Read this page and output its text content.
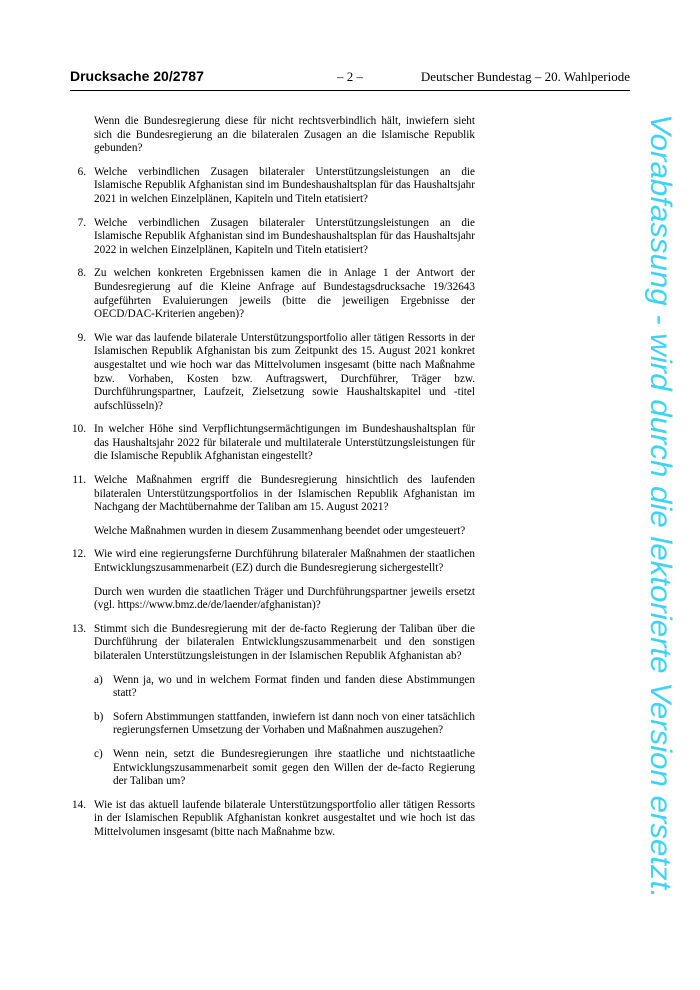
Drucksache 20/2787	– 2 –	Deutscher Bundestag – 20. Wahlperiode

Wenn die Bundesregierung diese für nicht rechtsverbindlich hält, inwiefern sieht sich die Bundesregierung an die bilateralen Zusagen an die Islamische Republik gebunden?

6. Welche verbindlichen Zusagen bilateraler Unterstützungsleistungen an die Islamische Republik Afghanistan sind im Bundeshaushaltsplan für das Haushaltsjahr 2021 in welchen Einzelplänen, Kapiteln und Titeln etatisiert?
7. Welche verbindlichen Zusagen bilateraler Unterstützungsleistungen an die Islamische Republik Afghanistan sind im Bundeshaushaltsplan für das Haushaltsjahr 2022 in welchen Einzelplänen, Kapiteln und Titeln etatisiert?
8. Zu welchen konkreten Ergebnissen kamen die in Anlage 1 der Antwort der Bundesregierung auf die Kleine Anfrage auf Bundestagsdrucksache 19/32643 aufgeführten Evaluierungen jeweils (bitte die jeweiligen Ergebnisse der OECD/DAC-Kriterien angeben)?
9. Wie war das laufende bilaterale Unterstützungsportfolio aller tätigen Ressorts in der Islamischen Republik Afghanistan bis zum Zeitpunkt des 15. August 2021 konkret ausgestaltet und wie hoch war das Mittelvolumen insgesamt (bitte nach Maßnahme bzw. Vorhaben, Kosten bzw. Auftragswert, Durchführer, Träger bzw. Durchführungspartner, Laufzeit, Zielsetzung sowie Haushaltskapitel und -titel aufschlüsseln)?
10. In welcher Höhe sind Verpflichtungsermächtigungen im Bundeshaushaltsplan für das Haushaltsjahr 2022 für bilaterale und multilaterale Unterstützungsleistungen für die Islamische Republik Afghanistan eingestellt?
11. Welche Maßnahmen ergriff die Bundesregierung hinsichtlich des laufenden bilateralen Unterstützungsportfolios in der Islamischen Republik Afghanistan im Nachgang der Machtübernahme der Taliban am 15. August 2021?
Welche Maßnahmen wurden in diesem Zusammenhang beendet oder umgesteuert?
12. Wie wird eine regierungsferne Durchführung bilateraler Maßnahmen der staatlichen Entwicklungszusammenarbeit (EZ) durch die Bundesregierung sichergestellt?
Durch wen wurden die staatlichen Träger und Durchführungspartner jeweils ersetzt (vgl. https://www.bmz.de/de/laender/afghanistan)?
13. Stimmt sich die Bundesregierung mit der de-facto Regierung der Taliban über die Durchführung der bilateralen Entwicklungszusammenarbeit und den sonstigen bilateralen Unterstützungsleistungen in der Islamischen Republik Afghanistan ab?
a) Wenn ja, wo und in welchem Format finden und fanden diese Abstimmungen statt?
b) Sofern Abstimmungen stattfanden, inwiefern ist dann noch von einer tatsächlich regierungsfernen Umsetzung der Vorhaben und Maßnahmen auszugehen?
c) Wenn nein, setzt die Bundesregierungen ihre staatliche und nichtstaatliche Entwicklungszusammenarbeit somit gegen den Willen der de-facto Regierung der Taliban um?
14. Wie ist das aktuell laufende bilaterale Unterstützungsportfolio aller tätigen Ressorts in der Islamischen Republik Afghanistan konkret ausgestaltet und wie hoch ist das Mittelvolumen insgesamt (bitte nach Maßnahme bzw.	Vorabfassung - wird durch die lektorierte Version ersetzt.
